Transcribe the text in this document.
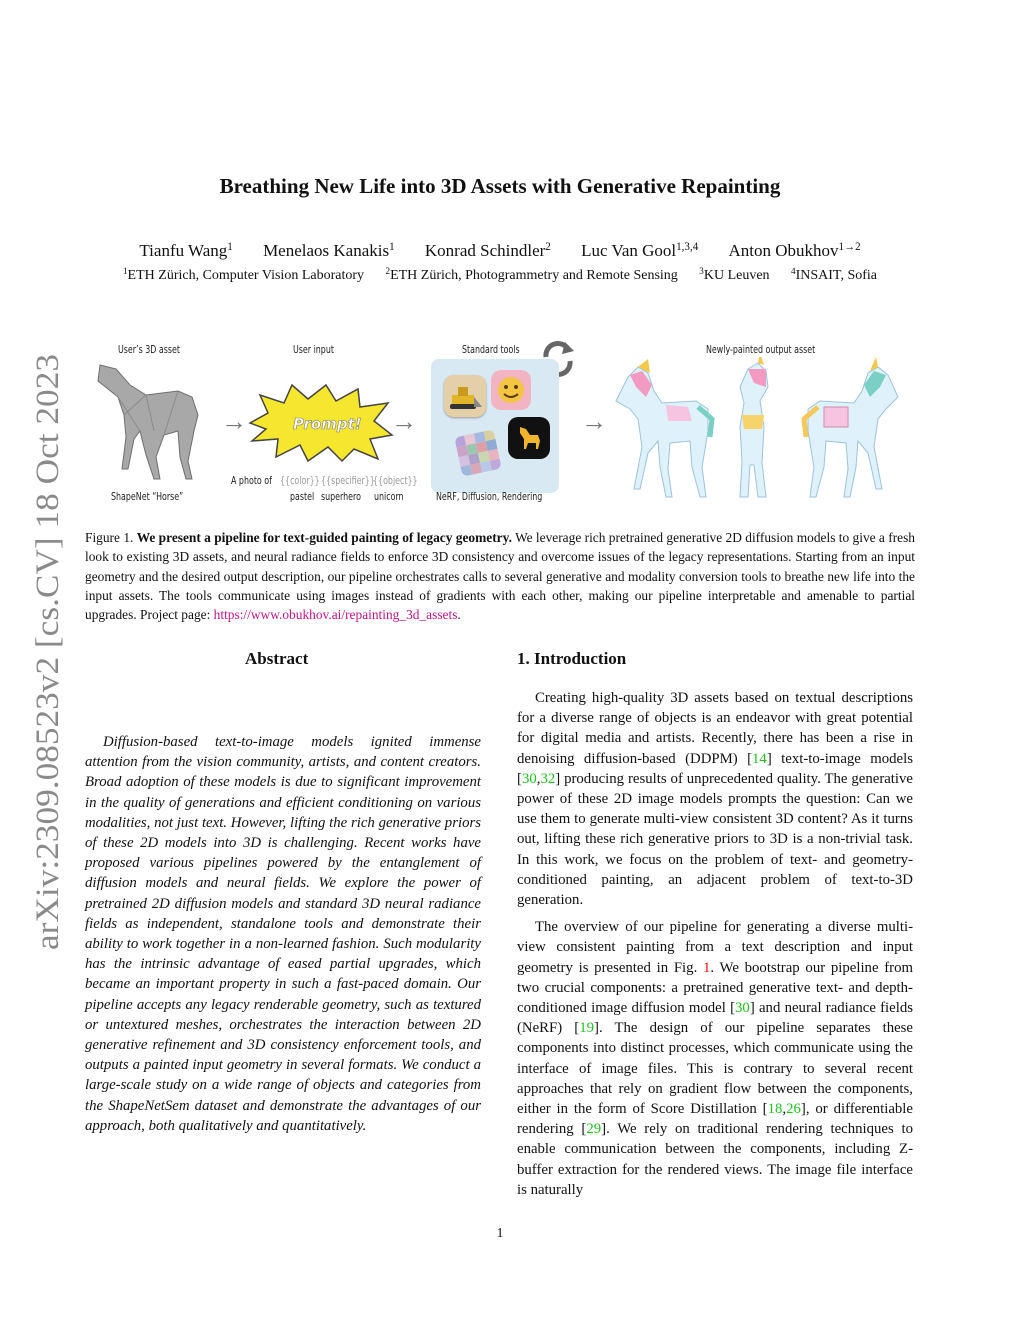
arXiv:2309.08523v2 [cs.CV] 18 Oct 2023
Breathing New Life into 3D Assets with Generative Repainting
Tianfu Wang$^1$ Menelaos Kanakis$^1$ Konrad Schindler$^2$ Luc Van Gool$^{1,3,4}$ Anton Obukhov$^{1\to 2}$
$^1$ETH Zürich, Computer Vision Laboratory $^2$ETH Zürich, Photogrammetry and Remote Sensing $^3$KU Leuven $^4$INSAIT, Sofia
User’s 3D asset	User input	Standard tools	Newly-painted output asset
ShapeNet “Horse”
→	Prompt!
A photo of {{color}} {{specifier}}
{{object}}
pastel superhero unicorn
→
NeRF, Diffusion, Rendering
→
Figure 1. We present a pipeline for text-guided painting of legacy geometry. We leverage rich pretrained generative 2D diffusion models to give a fresh look to existing 3D assets, and neural radiance fields to enforce 3D consistency and overcome issues of the legacy representations. Starting from an input geometry and the desired output description, our pipeline orchestrates calls to several generative and modality conversion tools to breathe new life into the input assets. The tools communicate using images instead of gradients with each other, making our pipeline interpretable and amenable to partial upgrades. Project page: https://www.obukhov.ai/repainting_3d_assets.
Abstract
Diffusion-based text-to-image models ignited immense attention from the vision community, artists, and content creators. Broad adoption of these models is due to significant improvement in the quality of generations and efficient conditioning on various modalities, not just text. However, lifting the rich generative priors of these 2D models into 3D is challenging. Recent works have proposed various pipelines powered by the entanglement of diffusion models and neural fields. We explore the power of pretrained 2D diffusion models and standard 3D neural radiance fields as independent, standalone tools and demonstrate their ability to work together in a non-learned fashion. Such modularity has the intrinsic advantage of eased partial upgrades, which became an important property in such a fast-paced domain. Our pipeline accepts any legacy renderable geometry, such as textured or untextured meshes, orchestrates the interaction between 2D generative refinement and 3D consistency enforcement tools, and outputs a painted input geometry in several formats. We conduct a large-scale study on a wide range of objects and categories from the ShapeNetSem dataset and demonstrate the advantages of our approach, both qualitatively and quantitatively.
1. Introduction

Creating high-quality 3D assets based on textual descriptions for a diverse range of objects is an endeavor with great potential for digital media and artists. Recently, there has been a rise in denoising diffusion-based (DDPM) [14] text-to-image models [30,32] producing results of unprecedented quality. The generative power of these 2D image models prompts the question: Can we use them to generate multi-view consistent 3D content? As it turns out, lifting these rich generative priors to 3D is a non-trivial task. In this work, we focus on the problem of text- and geometry-conditioned painting, an adjacent problem of text-to-3D generation.

The overview of our pipeline for generating a diverse multi-view consistent painting from a text description and input geometry is presented in Fig. 1. We bootstrap our pipeline from two crucial components: a pretrained generative text- and depth-conditioned image diffusion model [30] and neural radiance fields (NeRF) [19]. The design of our pipeline separates these components into distinct processes, which communicate using the interface of image files. This is contrary to several recent approaches that rely on gradient flow between the components, either in the form of Score Distillation [18,26], or differentiable rendering [29]. We rely on traditional rendering techniques to enable communication between the components, including Z-buffer extraction for the rendered views. The image file interface is naturally

1
